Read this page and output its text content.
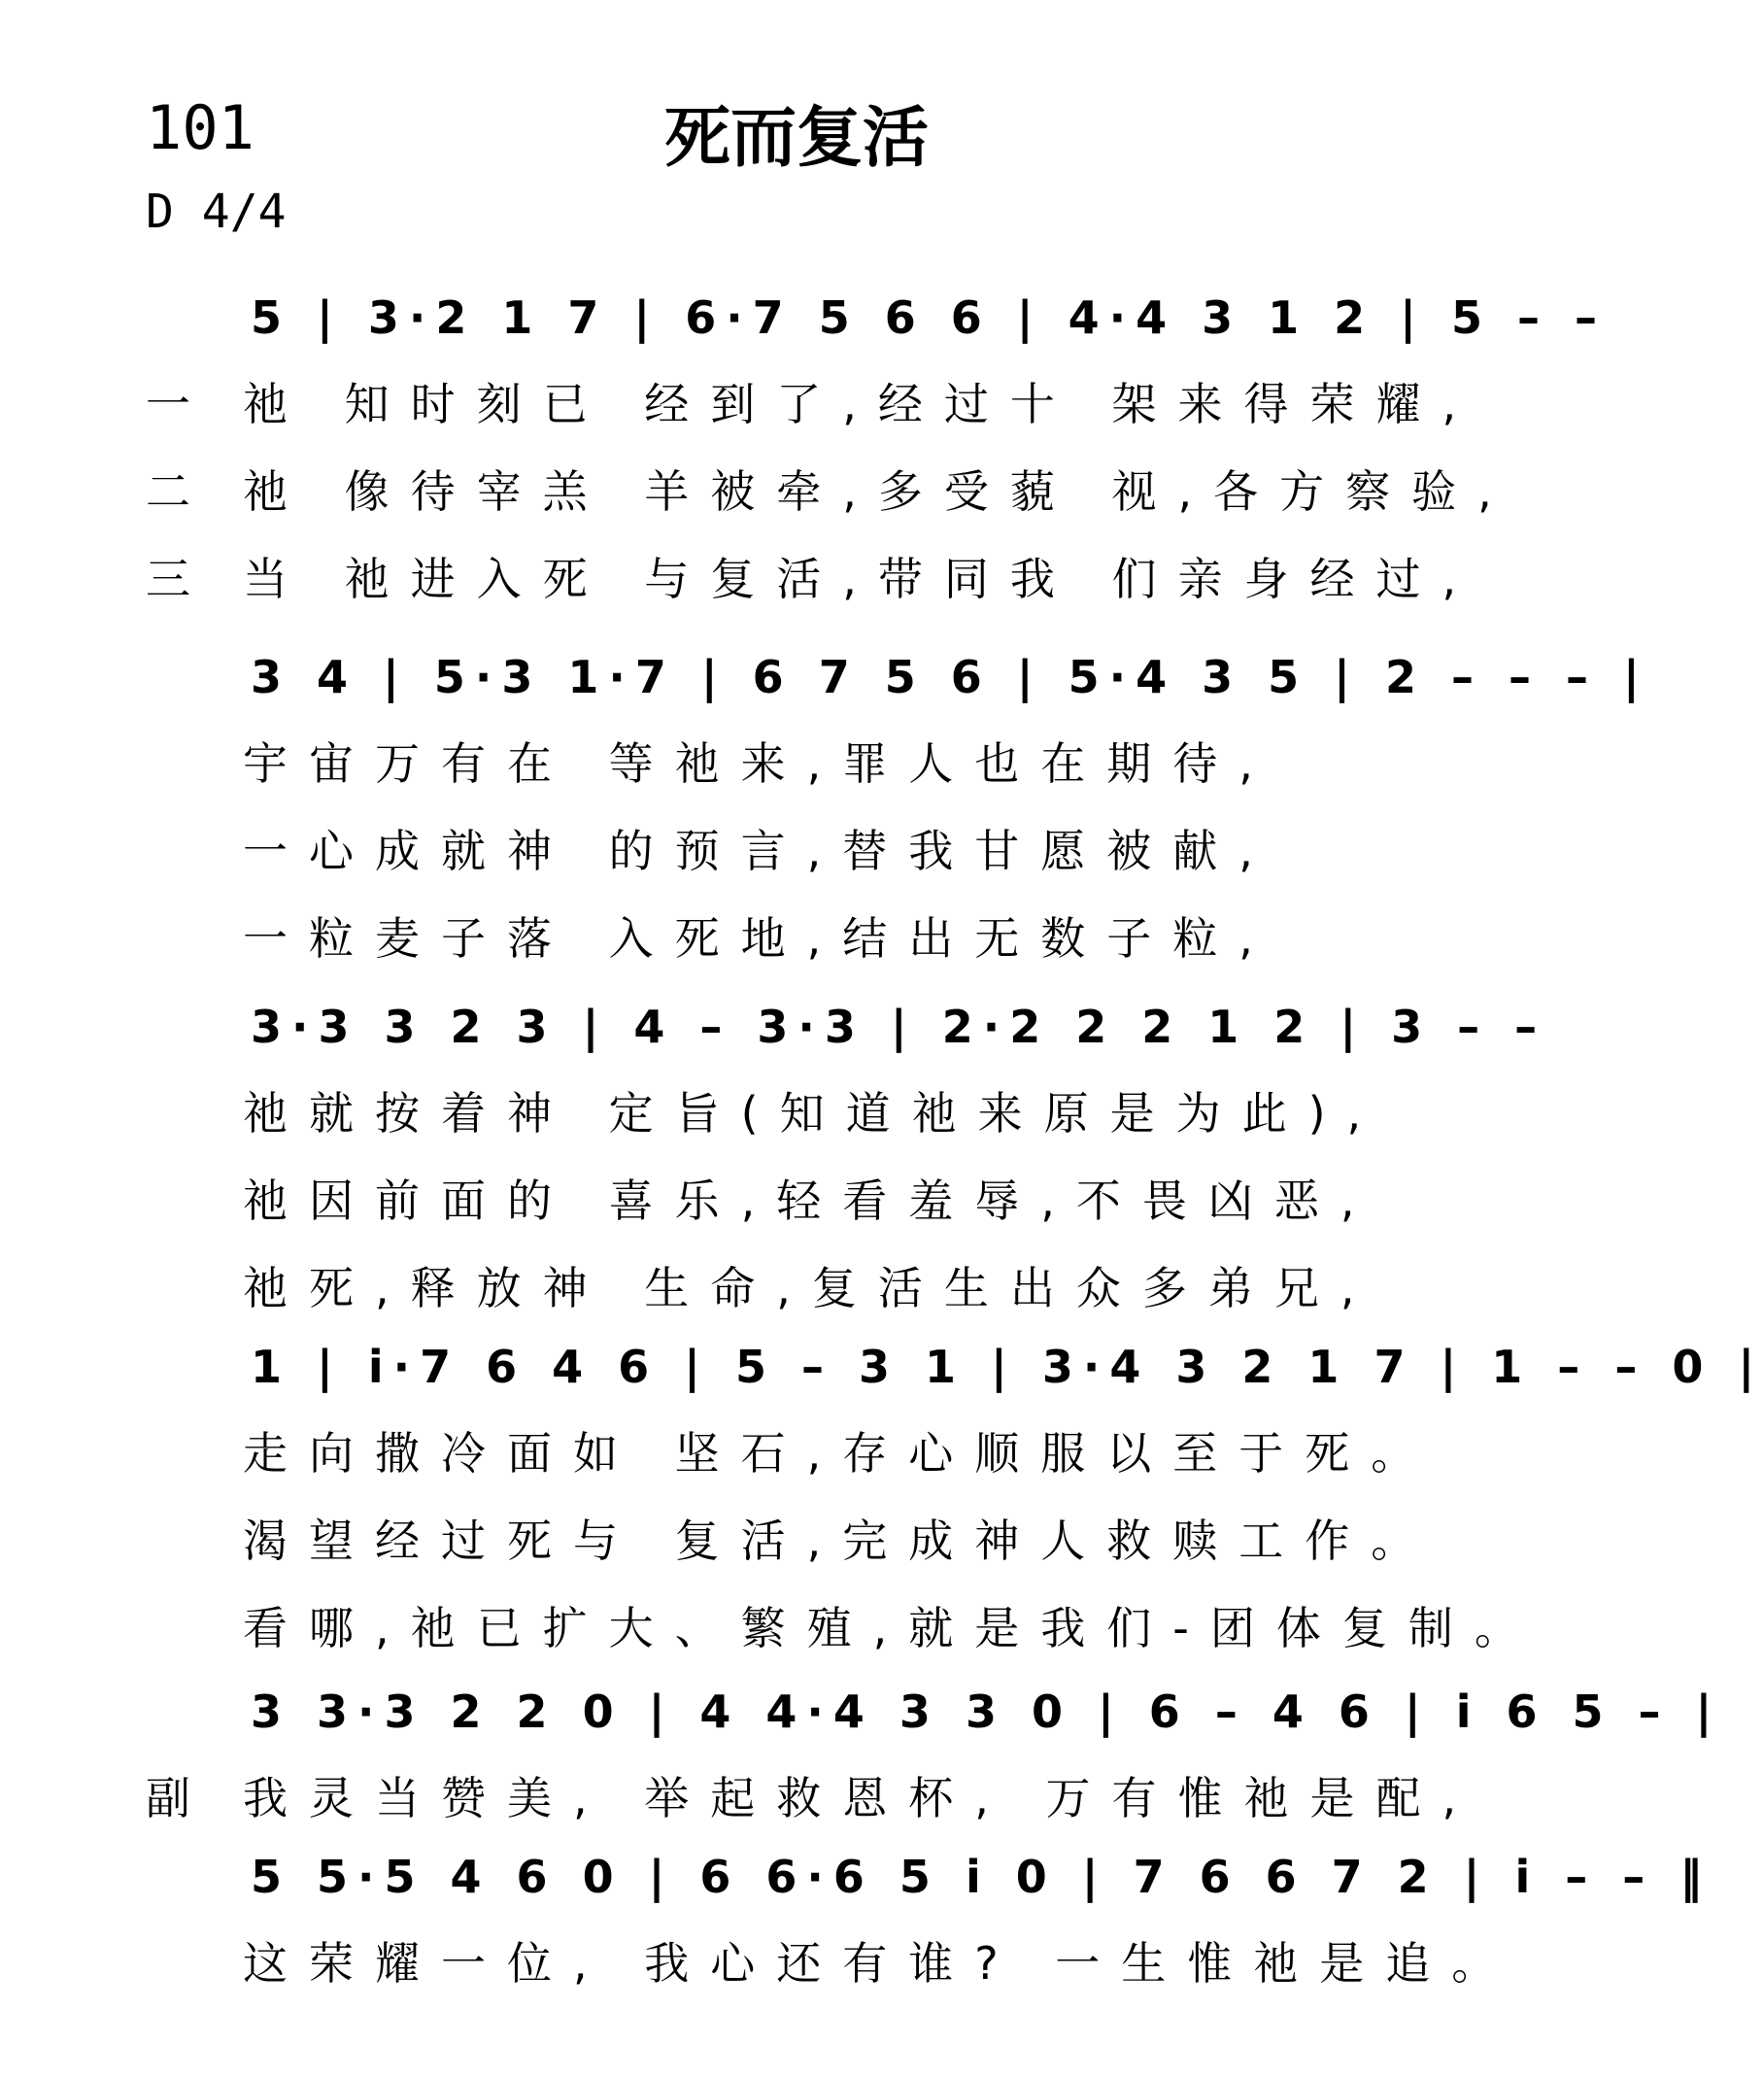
101	死而复活
D 4/4
5 | 3·2 1 7 | 6·7 5 6 6 | 4·4 3 1 2 | 5 – –
一 祂 知时刻已 经到了,经过十 架来得荣耀,
二 祂 像待宰羔 羊被牵,多受藐 视,各方察验,
三 当 祂进入死 与复活,带同我 们亲身经过,
3 4 | 5·3 1·7 | 6 7 5 6 | 5·4 3 5 | 2 – – – |
宇宙万有在 等祂来,罪人也在期待,
一心成就神 的预言,替我甘愿被献,
一粒麦子落 入死地,结出无数子粒,
3·3 3 2 3 | 4 – 3·3 | 2·2 2 2 1 2 | 3 – –
祂就按着神 定旨(知道祂来原是为此),
祂因前面的 喜乐,轻看羞辱,不畏凶恶,
祂死,释放神 生命,复活生出众多弟兄,
1 | i·7 6 4 6 | 5 – 3 1 | 3·4 3 2 1 7 | 1 – – 0 |
走向撒冷面如 坚石,存心顺服以至于死。
渴望经过死与 复活,完成神人救赎工作。
看哪,祂已扩大、繁殖,就是我们-团体复制。
3 3·3 2 2 0 | 4 4·4 3 3 0 | 6 – 4 6 | i 6 5 – |
副 我灵当赞美, 举起救恩杯, 万有惟祂是配,
5 5·5 4 6 0 | 6 6·6 5 i 0 | 7 6 6 7 2 | i – – ‖
这荣耀一位, 我心还有谁? 一生惟祂是追。
